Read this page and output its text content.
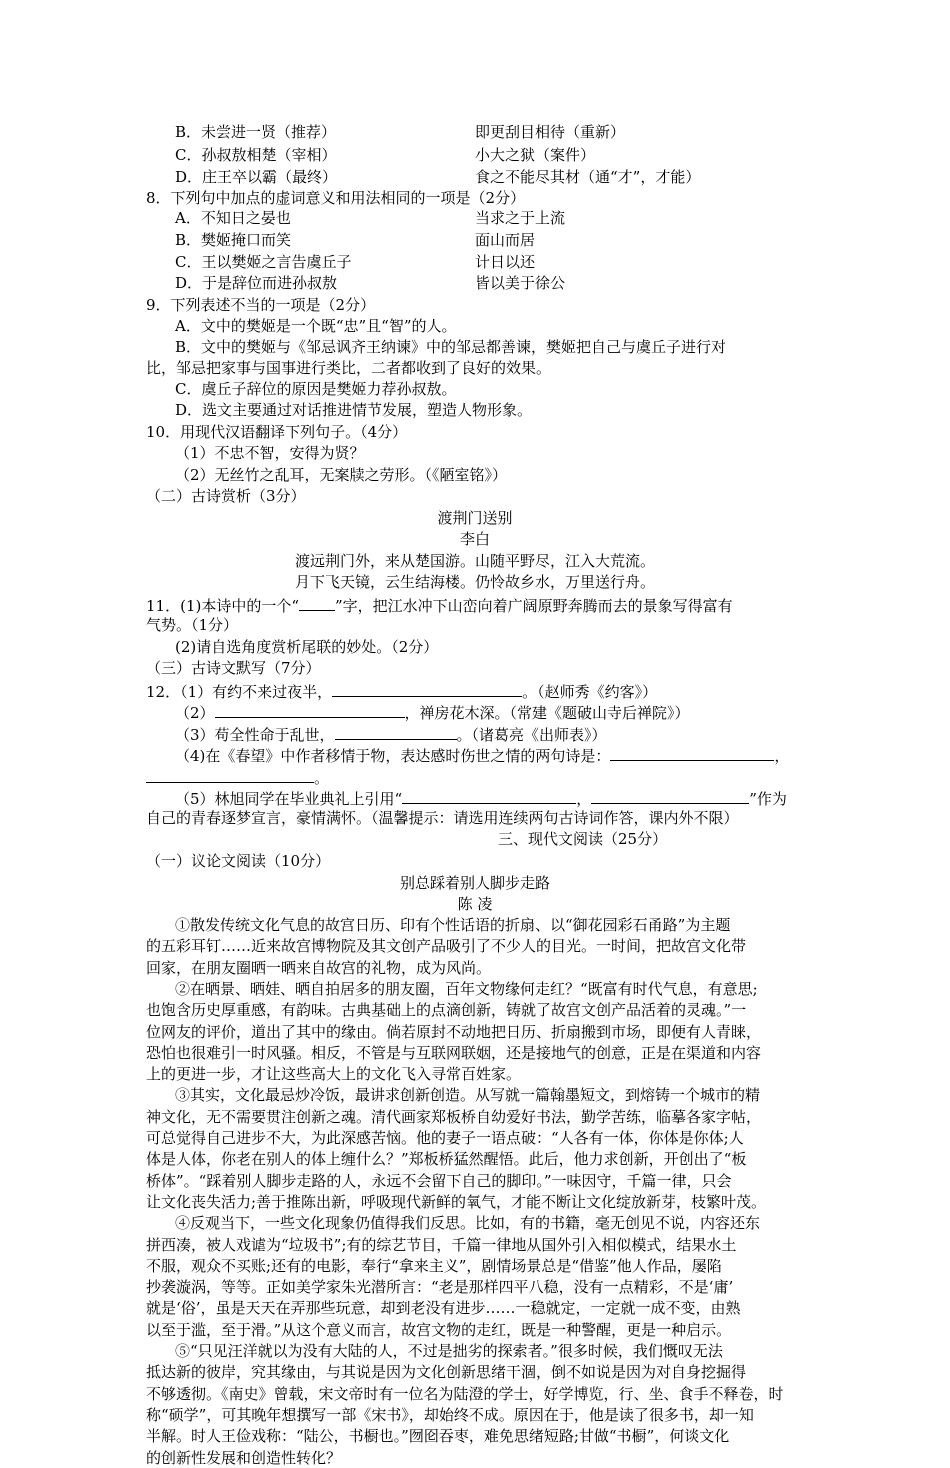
B．未尝进一贤（推荐）	即更刮目相待（重新）
C．孙叔敖相楚（宰相）	小大之狱（案件）
D．庄王卒以霸（最终）	食之不能尽其材（通“才”，才能）
8．下列句中加点的虚词意义和用法相同的一项是（2分）
A．不知日之晏也	当求之于上流
B．樊姬掩口而笑	面山而居
C．王以樊姬之言告虞丘子	计日以还
D．于是辞位而进孙叔敖	皆以美于徐公
9．下列表述不当的一项是（2分）
A．文中的樊姬是一个既“忠”且“智”的人。
B．文中的樊姬与《邹忌讽齐王纳谏》中的邹忌都善谏，樊姬把自己与虞丘子进行对
比，邹忌把家事与国事进行类比，二者都收到了良好的效果。
C．虞丘子辞位的原因是樊姬力荐孙叔敖。
D．选文主要通过对话推进情节发展，塑造人物形象。
10．用现代汉语翻译下列句子。（4分）
（1）不忠不智，安得为贤？
（2）无丝竹之乱耳，无案牍之劳形。（《陋室铭》）
（二）古诗赏析（3分）
渡荆门送别
李白
渡远荆门外，来从楚国游。山随平野尽，江入大荒流。
月下飞天镜，云生结海楼。仍怜故乡水，万里送行舟。
11．(1)本诗中的一个“ ”字，把江水冲下山峦向着广阔原野奔腾而去的景象写得富有
气势。（1分）
(2)请自选角度赏析尾联的妙处。（2分）
（三）古诗文默写（7分）
12．（1）有约不来过夜半，	。（赵师秀《约客》）
（2）	，禅房花木深。（常建《题破山寺后禅院》）
（3）苟全性命于乱世，	。（诸葛亮《出师表》）
（4)在《春望》中作者移情于物，表达感时伤世之情的两句诗是：	，
。
（5）林旭同学在毕业典礼上引用“	，	”作为
自己的青春逐梦宣言，豪情满怀。（温馨提示：请选用连续两句古诗词作答，课内外不限）
三、现代文阅读（25分）
（一）议论文阅读（10分）
别总踩着别人脚步走路
陈 凌
①散发传统文化气息的故宫日历、印有个性话语的折扇、以“御花园彩石甬路”为主题
的五彩耳钉……近来故宫博物院及其文创产品吸引了不少人的目光。一时间，把故宫文化带
回家，在朋友圈晒一晒来自故宫的礼物，成为风尚。
②在晒景、晒娃、晒自拍居多的朋友圈，百年文物缘何走红？“既富有时代气息，有意思;
也饱含历史厚重感，有韵味。古典基础上的点滴创新，铸就了故宫文创产品活着的灵魂。”一
位网友的评价，道出了其中的缘由。倘若原封不动地把日历、折扇搬到市场，即便有人青睐，
恐怕也很难引一时风骚。相反，不管是与互联网联姻，还是接地气的创意，正是在渠道和内容
上的更进一步，才让这些高大上的文化飞入寻常百姓家。
③其实，文化最忌炒冷饭，最讲求创新创造。从写就一篇翰墨短文，到熔铸一个城市的精
神文化，无不需要贯注创新之魂。清代画家郑板桥自幼爱好书法，勤学苦练，临摹各家字帖，
可总觉得自己进步不大，为此深感苦恼。他的妻子一语点破：“人各有一体，你体是你体;人
体是人体，你老在别人的体上缠什么？”郑板桥猛然醒悟。此后，他力求创新，开创出了“板
桥体”。“踩着别人脚步走路的人，永远不会留下自己的脚印。”一味因守，千篇一律，只会
让文化丧失活力;善于推陈出新，呼吸现代新鲜的氧气，才能不断让文化绽放新芽，枝繁叶茂。
④反观当下，一些文化现象仍值得我们反思。比如，有的书籍，毫无创见不说，内容还东
拼西凑，被人戏谑为“垃圾书”;有的综艺节目，千篇一律地从国外引入相似模式，结果水土
不服，观众不买账;还有的电影，奉行“拿来主义”，剧情场景总是“借鉴”他人作品，屡陷
抄袭漩涡，等等。正如美学家朱光潜所言：“老是那样四平八稳，没有一点精彩，不是‘庸’
就是‘俗’，虽是天天在弄那些玩意，却到老没有进步……一稳就定，一定就一成不变，由熟
以至于滥，至于滑。”从这个意义而言，故宫文物的走红，既是一种警醒，更是一种启示。
⑤“只见汪洋就以为没有大陆的人，不过是拙劣的探索者。”很多时候，我们慨叹无法
抵达新的彼岸，究其缘由，与其说是因为文化创新思绪干涸，倒不如说是因为对自身挖掘得
不够透彻。《南史》曾载，宋文帝时有一位名为陆澄的学士，好学博览，行、坐、食手不释卷，时
称“硕学”，可其晚年想撰写一部《宋书》，却始终不成。原因在于，他是读了很多书，却一知
半解。时人王俭戏称：“陆公，书橱也。”囫囵吞枣，难免思绪短路;甘做“书橱”，何谈文化
的创新性发展和创造性转化？
